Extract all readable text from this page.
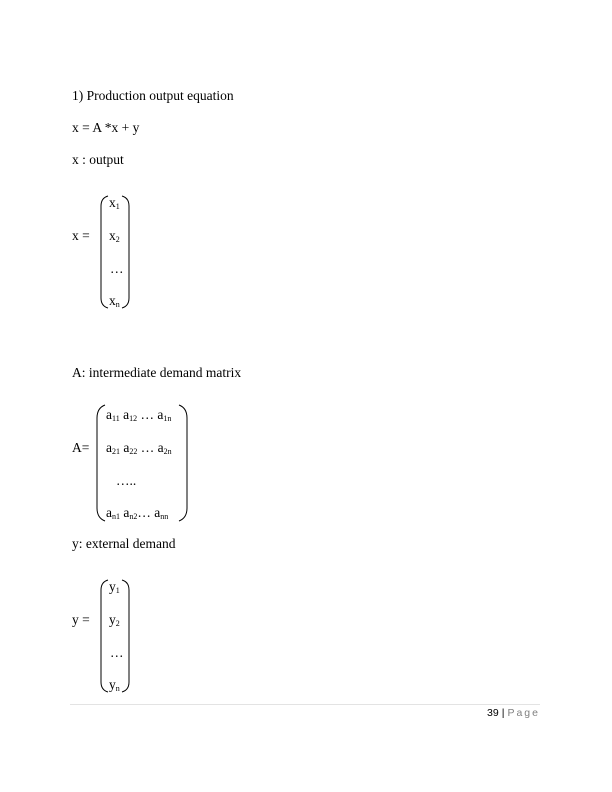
1) Production output equation
x = A *x + y
x : output
x =
$x_1$
$x_2$
…
$x_n$
A: intermediate demand matrix
A=
$a_{11}$ $a_{12}$ … $a_{1n}$
$a_{21}$ $a_{22}$ … $a_{2n}$
…..
$a_{n1}$ $a_{n2}\dots$ $a_{nn}$
y: external demand
y =
$y_1$
$y_2$
…
$y_n$
39 | Page
